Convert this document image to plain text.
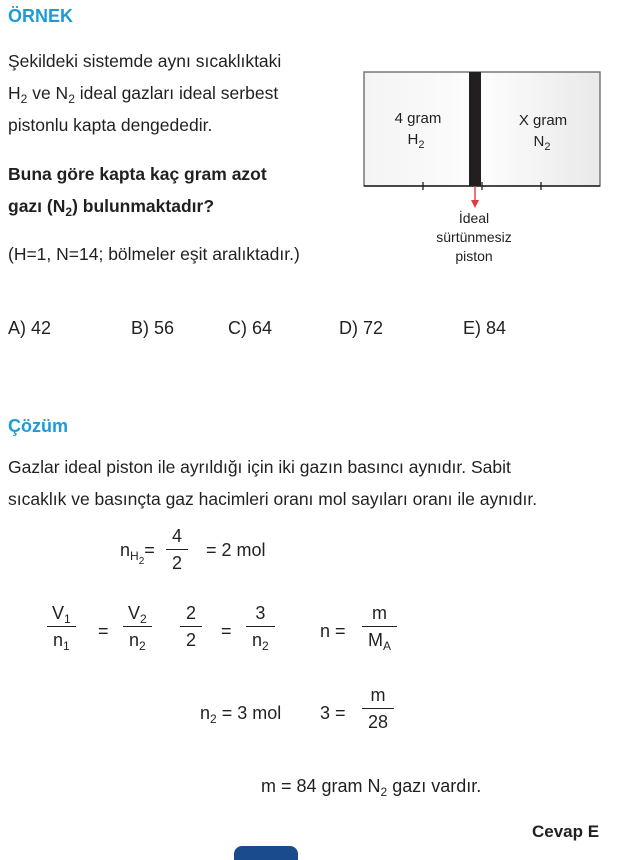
ÖRNEK
Şekildeki sistemde aynı sıcaklıktaki
$H_2$ ve $N_2$ ideal gazları ideal serbest
pistonlu kapta dengededir.
Buna göre kapta kaç gram azot
gazı $(N_2)$ bulunmaktadır?
(H=1, N=14; bölmeler eşit aralıktadır.)
4 gram
$H_2$
X gram
$N_2$
İdeal
sürtünmesiz
piston
A) 42	B) 56	C) 64	D) 72	E) 84
Çözüm
Gazlar ideal piston ile ayrıldığı için iki gazın basıncı aynıdır. Sabit
sıcaklık ve basınçta gaz hacimleri oranı mol sayıları oranı ile aynıdır.
$n_{H_2}= \frac{4}{2} = 2$ mol
$\frac{V_1}{n_1} = \frac{V_2}{n_2} \frac{2}{2} = \frac{3}{n_2}$	$n = \frac{m}{M_A}$
$n_2 = 3$ mol $3 = \frac{m}{28}$
m = 84 gram $N_2$ gazı vardır.
Cevap E
